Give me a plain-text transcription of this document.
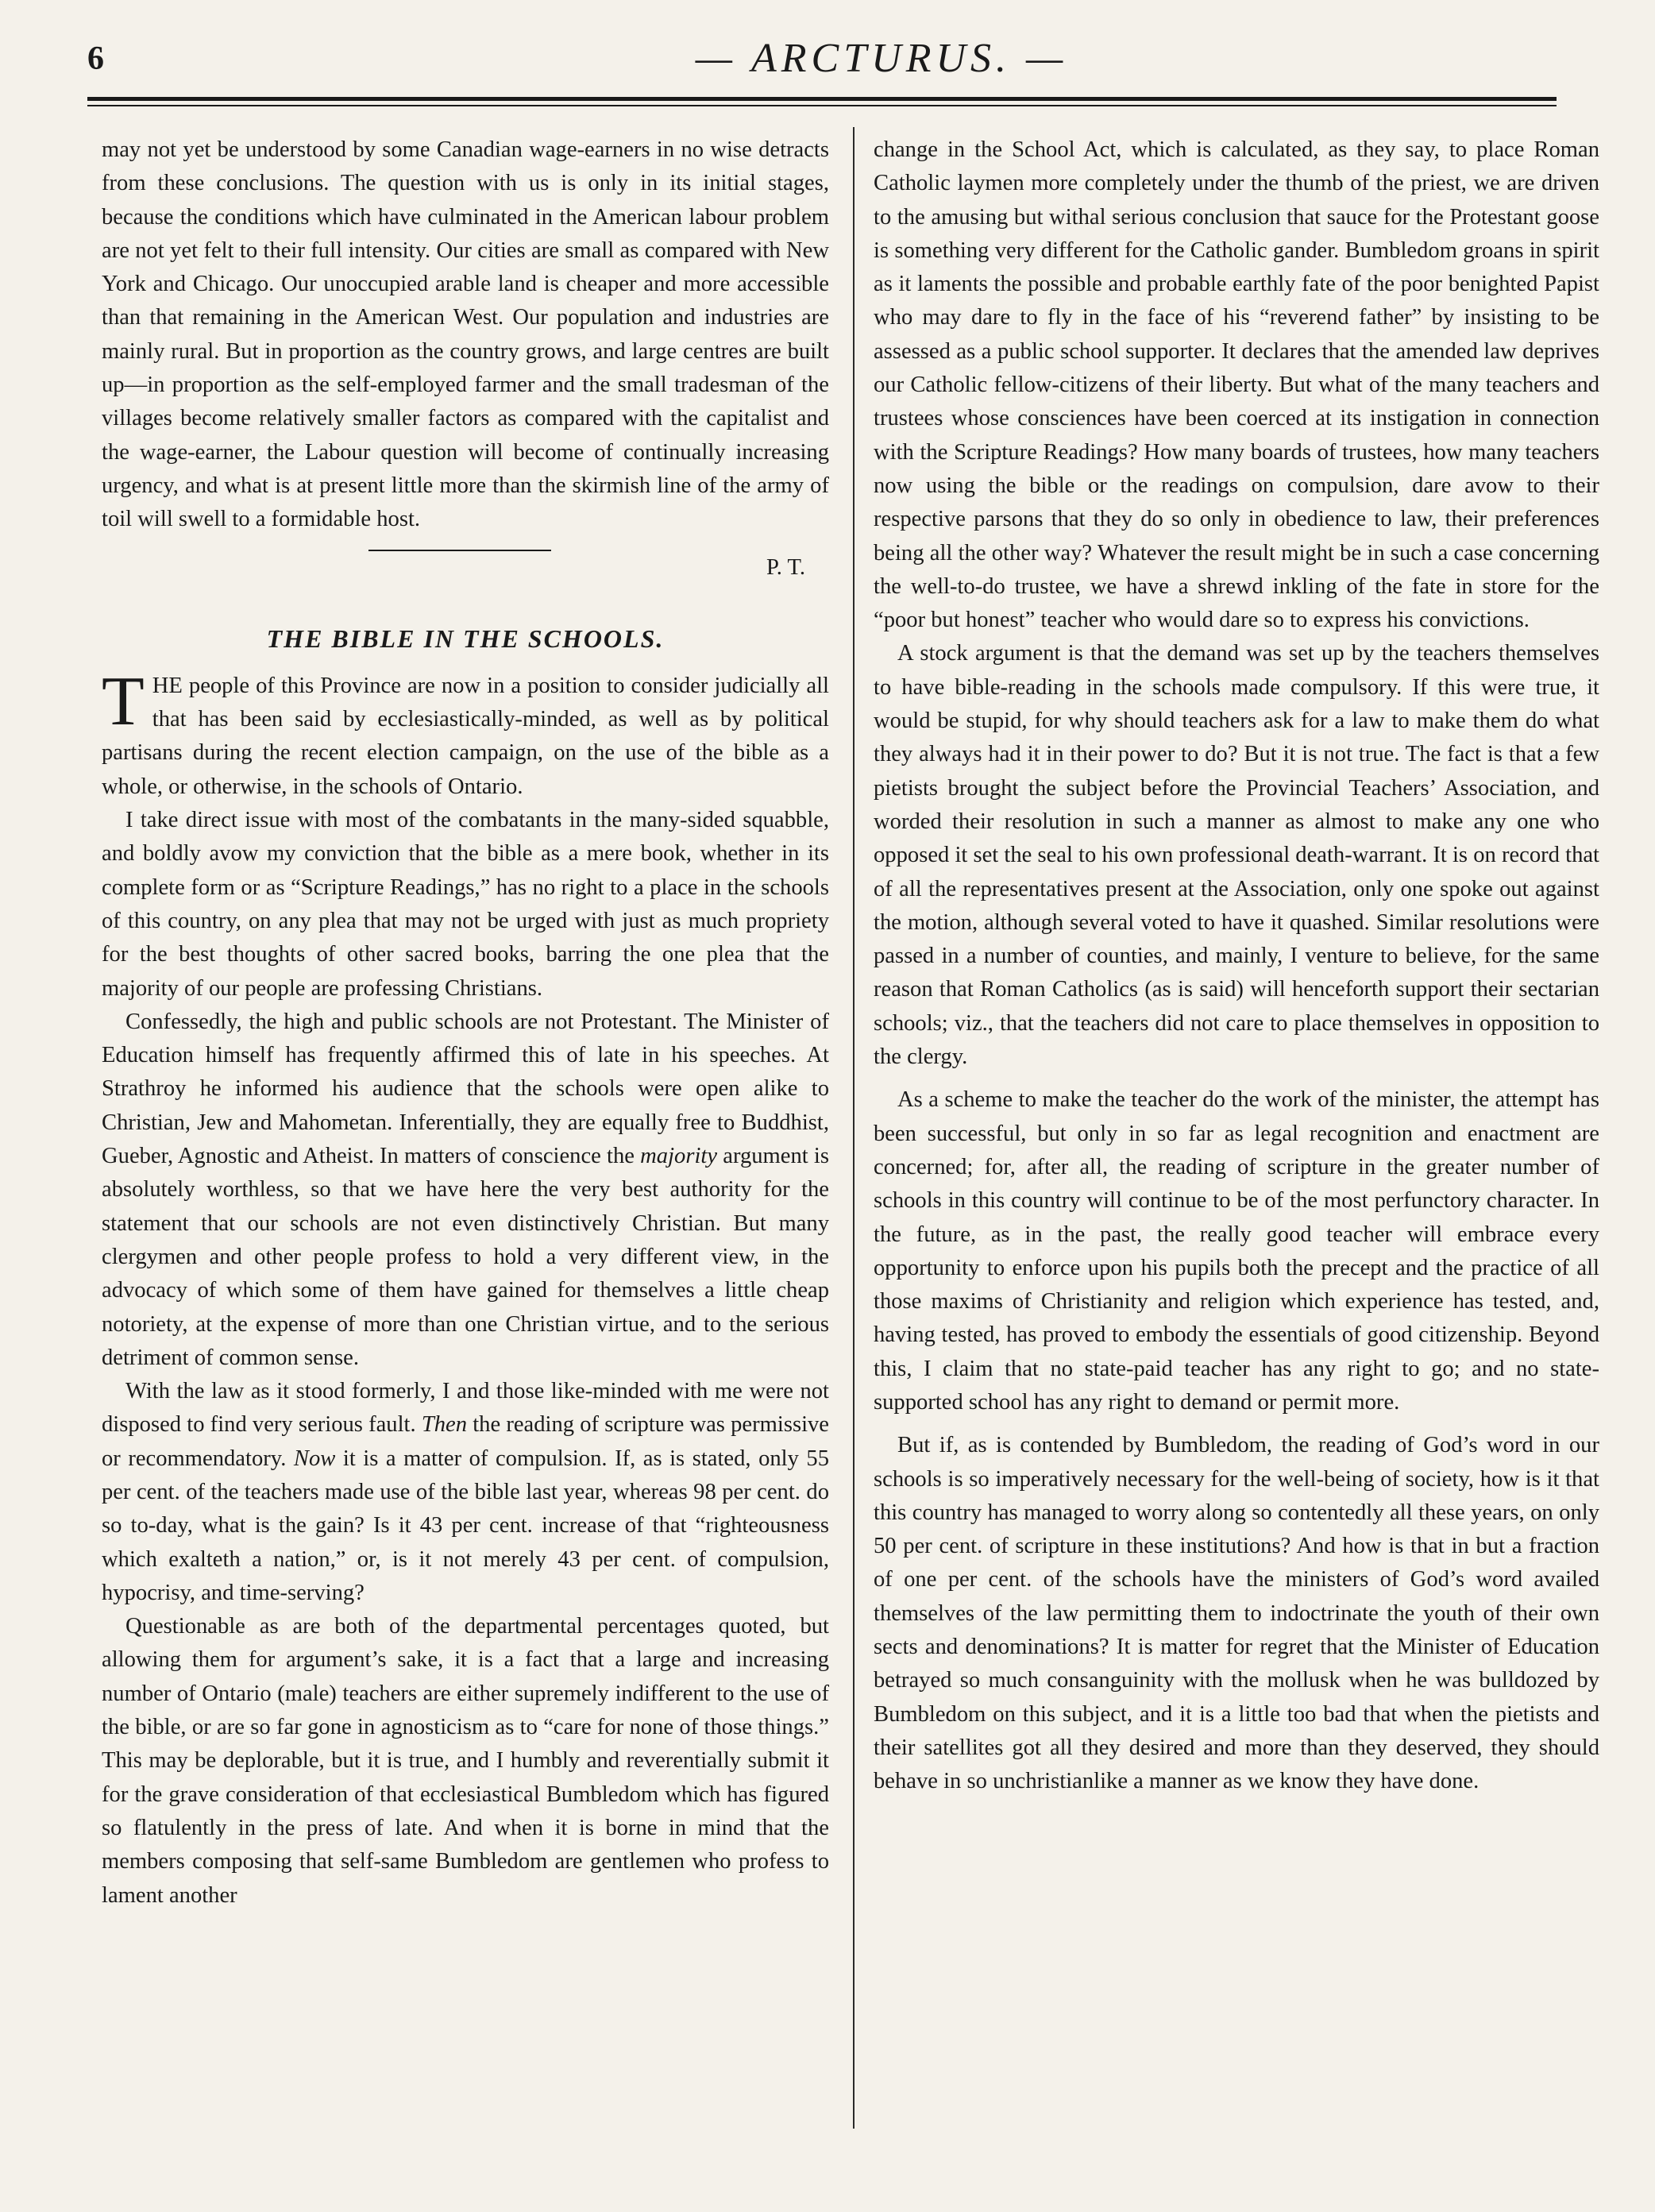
6	— ARCTURUS. —

may not yet be understood by some Canadian wage-earners in no wise detracts from these conclusions. The question with us is only in its initial stages, because the conditions which have culminated in the American labour problem are not yet felt to their full intensity. Our cities are small as compared with New York and Chicago. Our unoccupied arable land is cheaper and more accessible than that remaining in the American West. Our population and industries are mainly rural. But in proportion as the country grows, and large centres are built up—in proportion as the self-employed farmer and the small tradesman of the villages become relatively smaller factors as compared with the capitalist and the wage-earner, the Labour question will become of continually increasing urgency, and what is at present little more than the skirmish line of the army of toil will swell to a formidable host.

P. T.
THE BIBLE IN THE SCHOOLS.

THE people of this Province are now in a position to consider judicially all that has been said by ecclesiastically-minded, as well as by political partisans during the recent election campaign, on the use of the bible as a whole, or otherwise, in the schools of Ontario.

I take direct issue with most of the combatants in the many-sided squabble, and boldly avow my conviction that the bible as a mere book, whether in its complete form or as “Scripture Readings,” has no right to a place in the schools of this country, on any plea that may not be urged with just as much propriety for the best thoughts of other sacred books, barring the one plea that the majority of our people are professing Christians.

Confessedly, the high and public schools are not Protestant. The Minister of Education himself has frequently affirmed this of late in his speeches. At Strathroy he informed his audience that the schools were open alike to Christian, Jew and Mahometan. Inferentially, they are equally free to Buddhist, Gueber, Agnostic and Atheist. In matters of conscience the majority argument is absolutely worthless, so that we have here the very best authority for the statement that our schools are not even distinctively Christian. But many clergymen and other people profess to hold a very different view, in the advocacy of which some of them have gained for themselves a little cheap notoriety, at the expense of more than one Christian virtue, and to the serious detriment of common sense.

With the law as it stood formerly, I and those like-minded with me were not disposed to find very serious fault. Then the reading of scripture was permissive or recommendatory. Now it is a matter of compulsion. If, as is stated, only 55 per cent. of the teachers made use of the bible last year, whereas 98 per cent. do so to-day, what is the gain? Is it 43 per cent. increase of that “righteousness which exalteth a nation,” or, is it not merely 43 per cent. of compulsion, hypocrisy, and time-serving?

Questionable as are both of the departmental percentages quoted, but allowing them for argument’s sake, it is a fact that a large and increasing number of Ontario (male) teachers are either supremely indifferent to the use of the bible, or are so far gone in agnosticism as to “care for none of those things.” This may be deplorable, but it is true, and I humbly and reverentially submit it for the grave consideration of that ecclesiastical Bumbledom which has figured so flatulently in the press of late. And when it is borne in mind that the members composing that self-same Bumbledom are gentlemen who profess to lament another

change in the School Act, which is calculated, as they say, to place Roman Catholic laymen more completely under the thumb of the priest, we are driven to the amusing but withal serious conclusion that sauce for the Protestant goose is something very different for the Catholic gander. Bumbledom groans in spirit as it laments the possible and probable earthly fate of the poor benighted Papist who may dare to fly in the face of his “reverend father” by insisting to be assessed as a public school supporter. It declares that the amended law deprives our Catholic fellow-citizens of their liberty. But what of the many teachers and trustees whose consciences have been coerced at its instigation in connection with the Scripture Readings? How many boards of trustees, how many teachers now using the bible or the readings on compulsion, dare avow to their respective parsons that they do so only in obedience to law, their preferences being all the other way? Whatever the result might be in such a case concerning the well-to-do trustee, we have a shrewd inkling of the fate in store for the “poor but honest” teacher who would dare so to express his convictions.

A stock argument is that the demand was set up by the teachers themselves to have bible-reading in the schools made compulsory. If this were true, it would be stupid, for why should teachers ask for a law to make them do what they always had it in their power to do? But it is not true. The fact is that a few pietists brought the subject before the Provincial Teachers’ Association, and worded their resolution in such a manner as almost to make any one who opposed it set the seal to his own professional death-warrant. It is on record that of all the representatives present at the Association, only one spoke out against the motion, although several voted to have it quashed. Similar resolutions were passed in a number of counties, and mainly, I venture to believe, for the same reason that Roman Catholics (as is said) will henceforth support their sectarian schools; viz., that the teachers did not care to place themselves in opposition to the clergy.

As a scheme to make the teacher do the work of the minister, the attempt has been successful, but only in so far as legal recognition and enactment are concerned; for, after all, the reading of scripture in the greater number of schools in this country will continue to be of the most perfunctory character. In the future, as in the past, the really good teacher will embrace every opportunity to enforce upon his pupils both the precept and the practice of all those maxims of Christianity and religion which experience has tested, and, having tested, has proved to embody the essentials of good citizenship. Beyond this, I claim that no state-paid teacher has any right to go; and no state-supported school has any right to demand or permit more.

But if, as is contended by Bumbledom, the reading of God’s word in our schools is so imperatively necessary for the well-being of society, how is it that this country has managed to worry along so contentedly all these years, on only 50 per cent. of scripture in these institutions? And how is that in but a fraction of one per cent. of the schools have the ministers of God’s word availed themselves of the law permitting them to indoctrinate the youth of their own sects and denominations? It is matter for regret that the Minister of Education betrayed so much consanguinity with the mollusk when he was bulldozed by Bumbledom on this subject, and it is a little too bad that when the pietists and their satellites got all they desired and more than they deserved, they should behave in so unchristianlike a manner as we know they have done.
